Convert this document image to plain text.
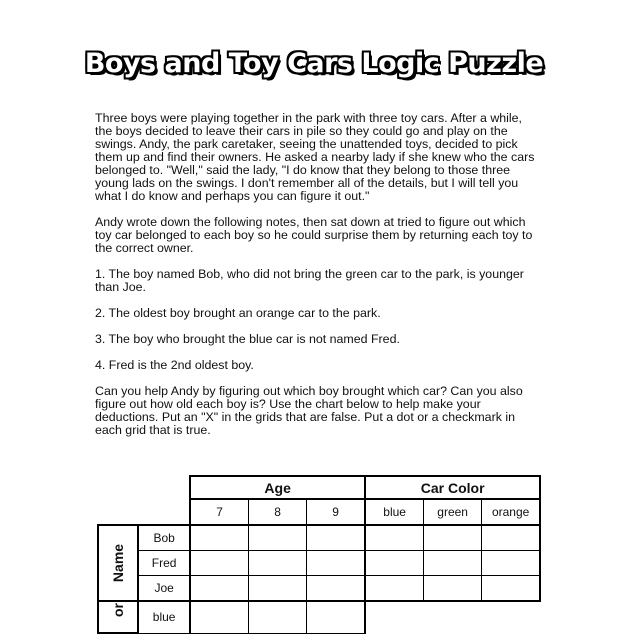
Boys and Toy Cars Logic Puzzle

Three boys were playing together in the park with three toy cars. After a while, the boys decided to leave their cars in pile so they could go and play on the swings. Andy, the park caretaker, seeing the unattended toys, decided to pick them up and find their owners. He asked a nearby lady if she knew who the cars belonged to. "Well," said the lady, "I do know that they belong to those three young lads on the swings. I don't remember all of the details, but I will tell you what I do know and perhaps you can figure it out."

Andy wrote down the following notes, then sat down at tried to figure out which toy car belonged to each boy so he could surprise them by returning each toy to the correct owner.

1. The boy named Bob, who did not bring the green car to the park, is younger than Joe.

2. The oldest boy brought an orange car to the park.

3. The boy who brought the blue car is not named Fred.

4. Fred is the 2nd oldest boy.

Can you help Andy by figuring out which boy brought which car? Can you also figure out how old each boy is? Use the chart below to help make your deductions. Put an "X" in the grids that are false. Put a dot or a checkmark in each grid that is true.

		Age			Car Color		
		7	8	9	blue	green	orange
Name	Bob						
	Fred						
	Joe						
or	blue						
